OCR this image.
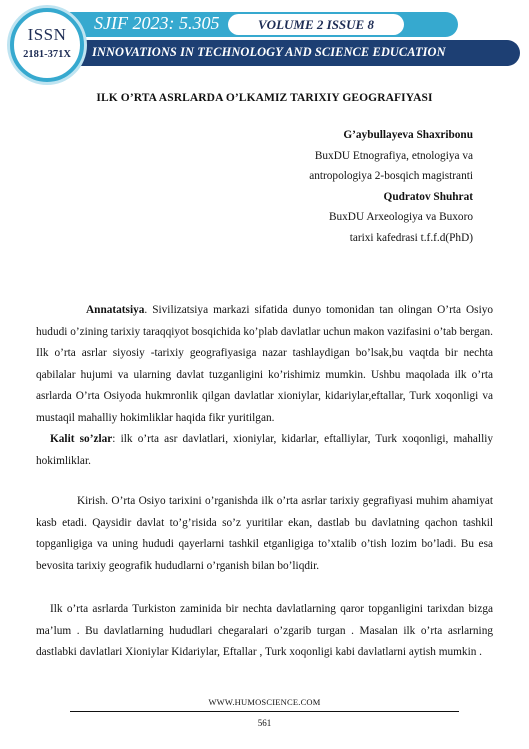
ISSN
2181-371X
SJIF 2023: 5.305	VOLUME 2 ISSUE 8
INNOVATIONS IN TECHNOLOGY AND SCIENCE EDUCATION
ILK O’RTA ASRLARDA O’LKAMIZ TARIXIY GEOGRAFIYASI
G’aybullayeva Shaxribonu
BuxDU Etnografiya, etnologiya va
antropologiya 2-bosqich magistranti
Qudratov Shuhrat
BuxDU Arxeologiya va Buxoro
tarixi kafedrasi t.f.f.d(PhD)

Annatatsiya. Sivilizatsiya markazi sifatida dunyo tomonidan tan olingan O’rta Osiyo hududi o’zining tarixiy taraqqiyot bosqichida ko’plab davlatlar uchun makon vazifasini o’tab bergan. Ilk o’rta asrlar siyosiy -tarixiy geografiyasiga nazar tashlaydigan bo’lsak,bu vaqtda bir nechta qabilalar hujumi va ularning davlat tuzganligini ko’rishimiz mumkin. Ushbu maqolada ilk o’rta asrlarda O’rta Osiyoda hukmronlik qilgan davlatlar xioniylar, kidariylar,eftallar, Turk xoqonligi va mustaqil mahalliy hokimliklar haqida fikr yuritilgan.

Kalit so’zlar: ilk o’rta asr davlatlari, xioniylar, kidarlar, eftalliylar, Turk xoqonligi, mahalliy hokimliklar.

Kirish. O’rta Osiyo tarixini o’rganishda ilk o’rta asrlar tarixiy gegrafiyasi muhim ahamiyat kasb etadi. Qaysidir davlat to’g’risida so’z yuritilar ekan, dastlab bu davlatning qachon tashkil topganligiga va uning hududi qayerlarni tashkil etganligiga to’xtalib o’tish lozim bo’ladi. Bu esa bevosita tarixiy geografik hududlarni o’rganish bilan bo’liqdir.

Ilk o’rta asrlarda Turkiston zaminida bir nechta davlatlarning qaror topganligini tarixdan bizga ma’lum . Bu davlatlarning hududlari chegaralari o’zgarib turgan . Masalan ilk o’rta asrlarning dastlabki davlatlari Xioniylar Kidariylar, Eftallar , Turk xoqonligi kabi davlatlarni aytish mumkin .

WWW.HUMOSCIENCE.COM
561
